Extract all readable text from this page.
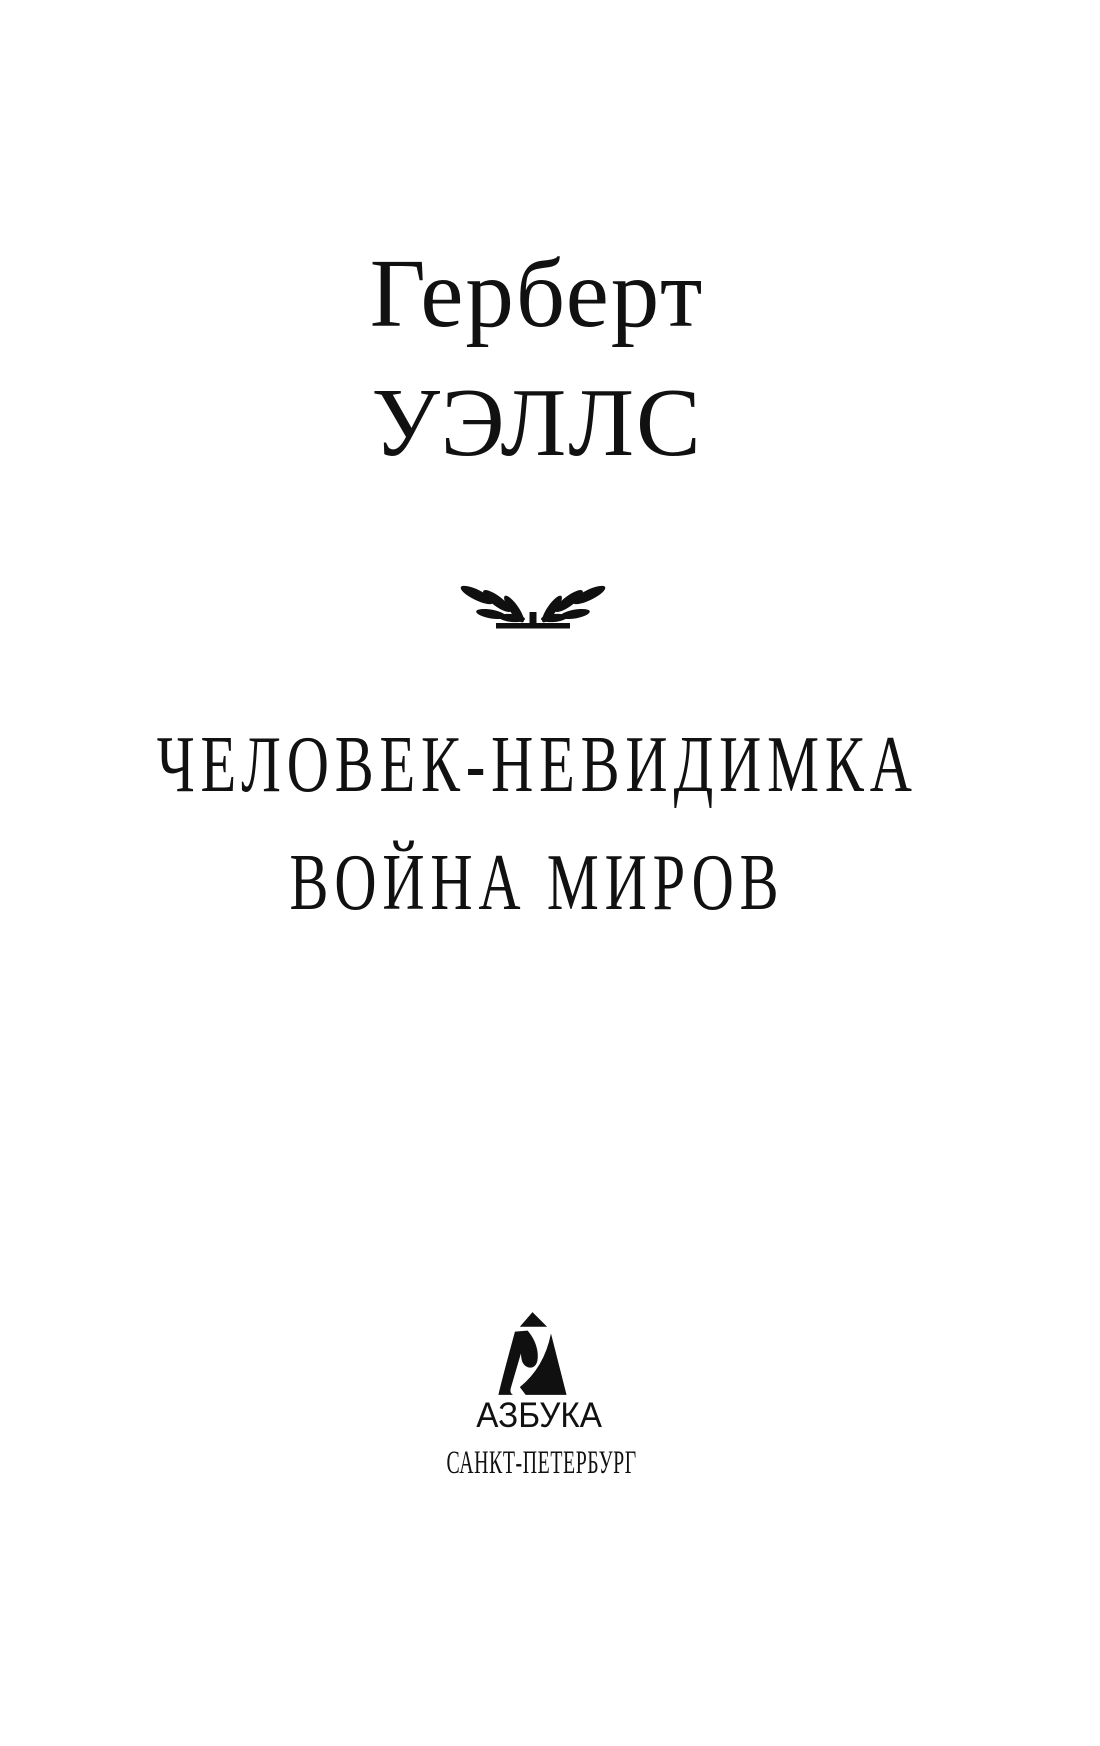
Герберт
УЭЛЛС
ЧЕЛОВЕК-НЕВИДИМКА
ВОЙНА МИРОВ
АЗБУКА
САНКТ-ПЕТЕРБУРГ
